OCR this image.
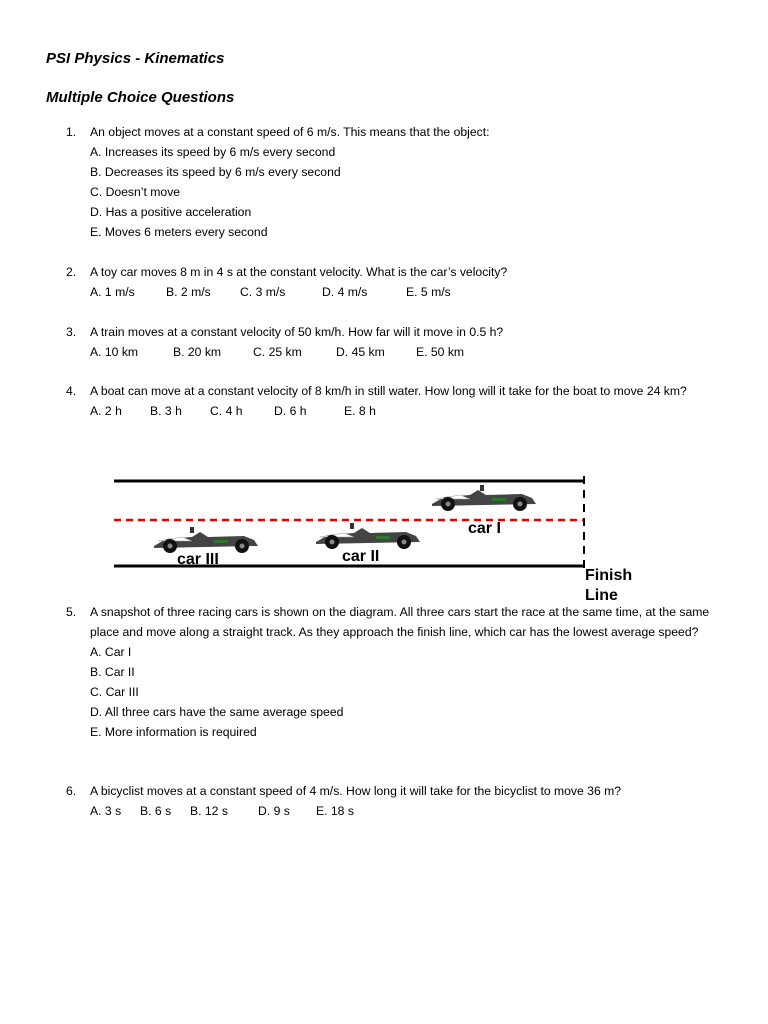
PSI Physics - Kinematics
Multiple Choice Questions
1.	An object moves at a constant speed of 6 m/s. This means that the object:
A. Increases its speed by 6 m/s every second
B. Decreases its speed by 6 m/s every second
C. Doesn’t move
D. Has a positive acceleration
E. Moves 6 meters every second
2.	A toy car moves 8 m in 4 s at the constant velocity. What is the car’s velocity?
A. 1 m/s	B. 2 m/s	C. 3 m/s	D. 4 m/s	E. 5 m/s
3.	A train moves at a constant velocity of 50 km/h. How far will it move in 0.5 h?
A. 10 km	B. 20 km	C. 25 km	D. 45 km	E. 50 km
4.	A boat can move at a constant velocity of 8 km/h in still water. How long will it take for the boat to move 24 km?
A. 2 h	B. 3 h	C. 4 h	D. 6 h	E. 8 h
car I
car II
car III
Finish
Line
5.	A snapshot of three racing cars is shown on the diagram. All three cars start the race at the same time, at the same place and move along a straight track. As they approach the finish line, which car has the lowest average speed?
A. Car I
B. Car II
C. Car III
D. All three cars have the same average speed
E. More information is required
6.	A bicyclist moves at a constant speed of 4 m/s. How long it will take for the bicyclist to move 36 m?
A. 3 s	B. 6 s	B. 12 s	D. 9 s	E. 18 s
